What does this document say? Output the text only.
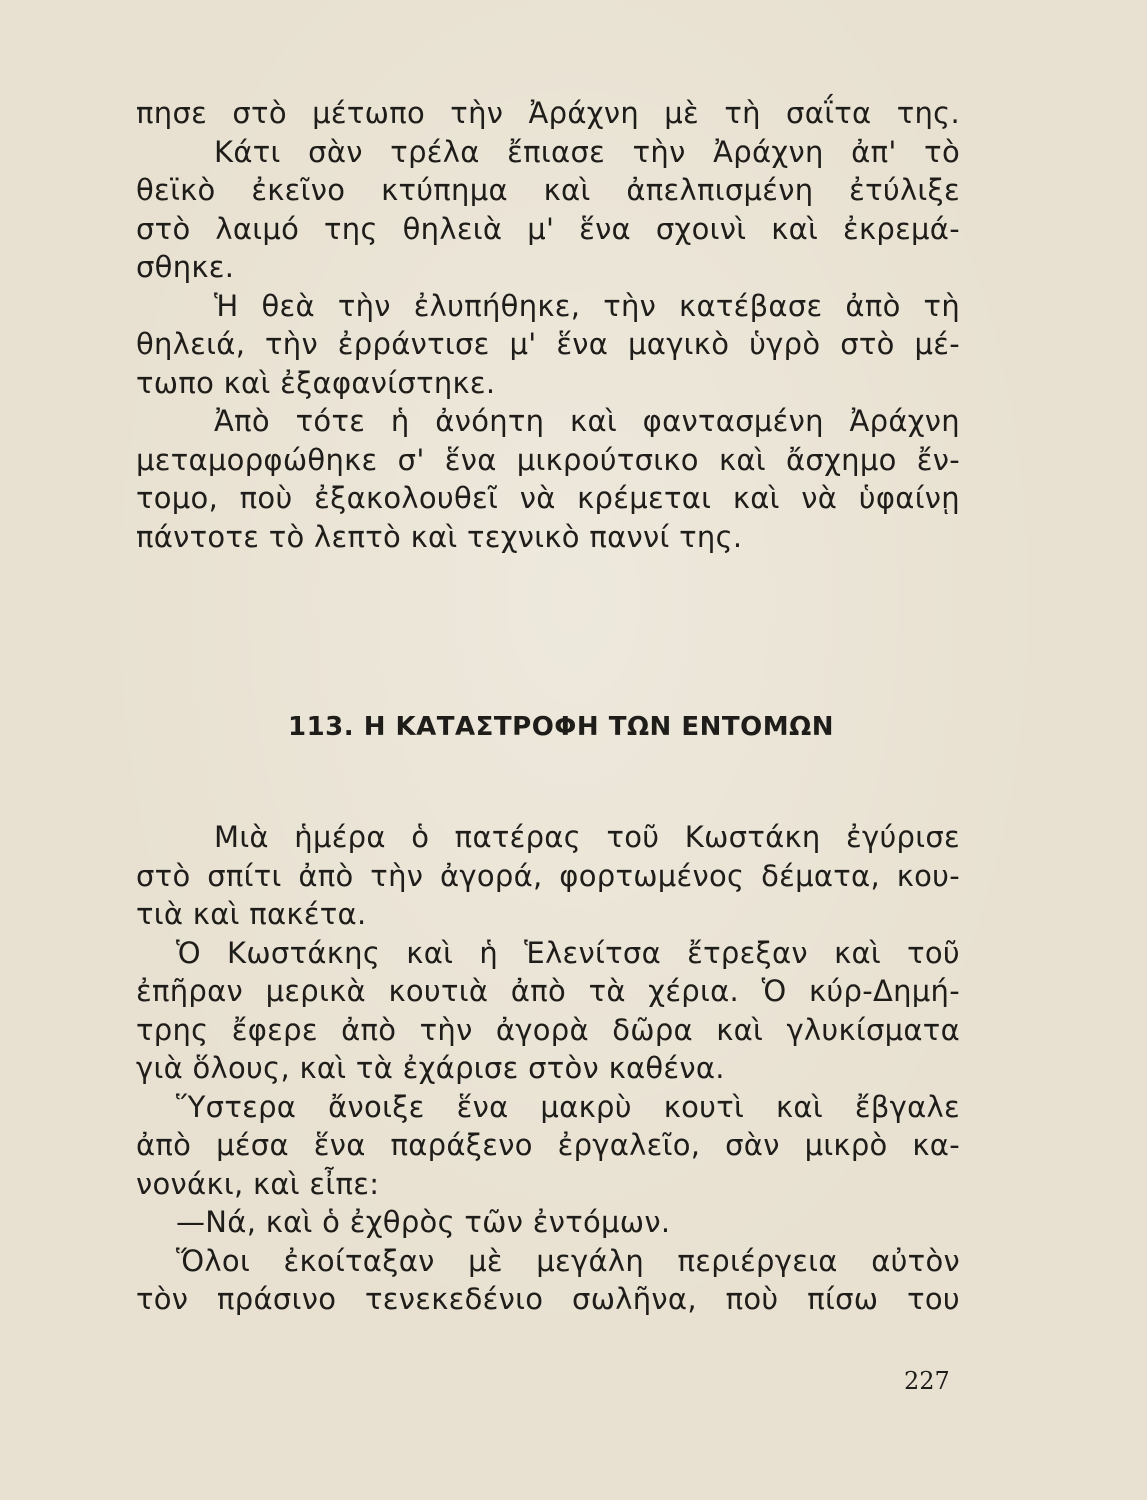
πησε στὸ μέτωπο τὴν Ἀράχνη μὲ τὴ σαΐτα της.
Κάτι σὰν τρέλα ἔπιασε τὴν Ἀράχνη ἀπ' τὸ
θεϊκὸ ἐκεῖνο κτύπημα καὶ ἀπελπισμένη ἐτύλιξε
στὸ λαιμό της θηλειὰ μ' ἕνα σχοινὶ καὶ ἐκρεμά-
σθηκε.
Ἡ θεὰ τὴν ἐλυπήθηκε, τὴν κατέβασε ἀπὸ τὴ
θηλειά, τὴν ἐρράντισε μ' ἕνα μαγικὸ ὑγρὸ στὸ μέ-
τωπο καὶ ἐξαφανίστηκε.
Ἀπὸ τότε ἡ ἀνόητη καὶ φαντασμένη Ἀράχνη
μεταμορφώθηκε σ' ἕνα μικρούτσικο καὶ ἄσχημο ἔν-
τομο, ποὺ ἐξακολουθεῖ νὰ κρέμεται καὶ νὰ ὑφαίνῃ
πάντοτε τὸ λεπτὸ καὶ τεχνικὸ παννί της.
113. Η ΚΑΤΑΣΤΡΟΦΗ ΤΩΝ ΕΝΤΟΜΩΝ
Μιὰ ἡμέρα ὁ πατέρας τοῦ Κωστάκη ἐγύρισε
στὸ σπίτι ἀπὸ τὴν ἀγορά, φορτωμένος δέματα, κου-
τιὰ καὶ πακέτα.
Ὁ Κωστάκης καὶ ἡ Ἑλενίτσα ἔτρεξαν καὶ τοῦ
ἐπῆραν μερικὰ κουτιὰ ἀπὸ τὰ χέρια. Ὁ κύρ-Δημή-
τρης ἔφερε ἀπὸ τὴν ἀγορὰ δῶρα καὶ γλυκίσματα
γιὰ ὅλους, καὶ τὰ ἐχάρισε στὸν καθένα.
Ὕστερα ἄνοιξε ἕνα μακρὺ κουτὶ καὶ ἔβγαλε
ἀπὸ μέσα ἕνα παράξενο ἐργαλεῖο, σὰν μικρὸ κα-
νονάκι, καὶ εἶπε:
—Νά, καὶ ὁ ἐχθρὸς τῶν ἐντόμων.
Ὅλοι ἐκοίταξαν μὲ μεγάλη περιέργεια αὐτὸν
τὸν πράσινο τενεκεδένιο σωλῆνα, ποὺ πίσω του
227
